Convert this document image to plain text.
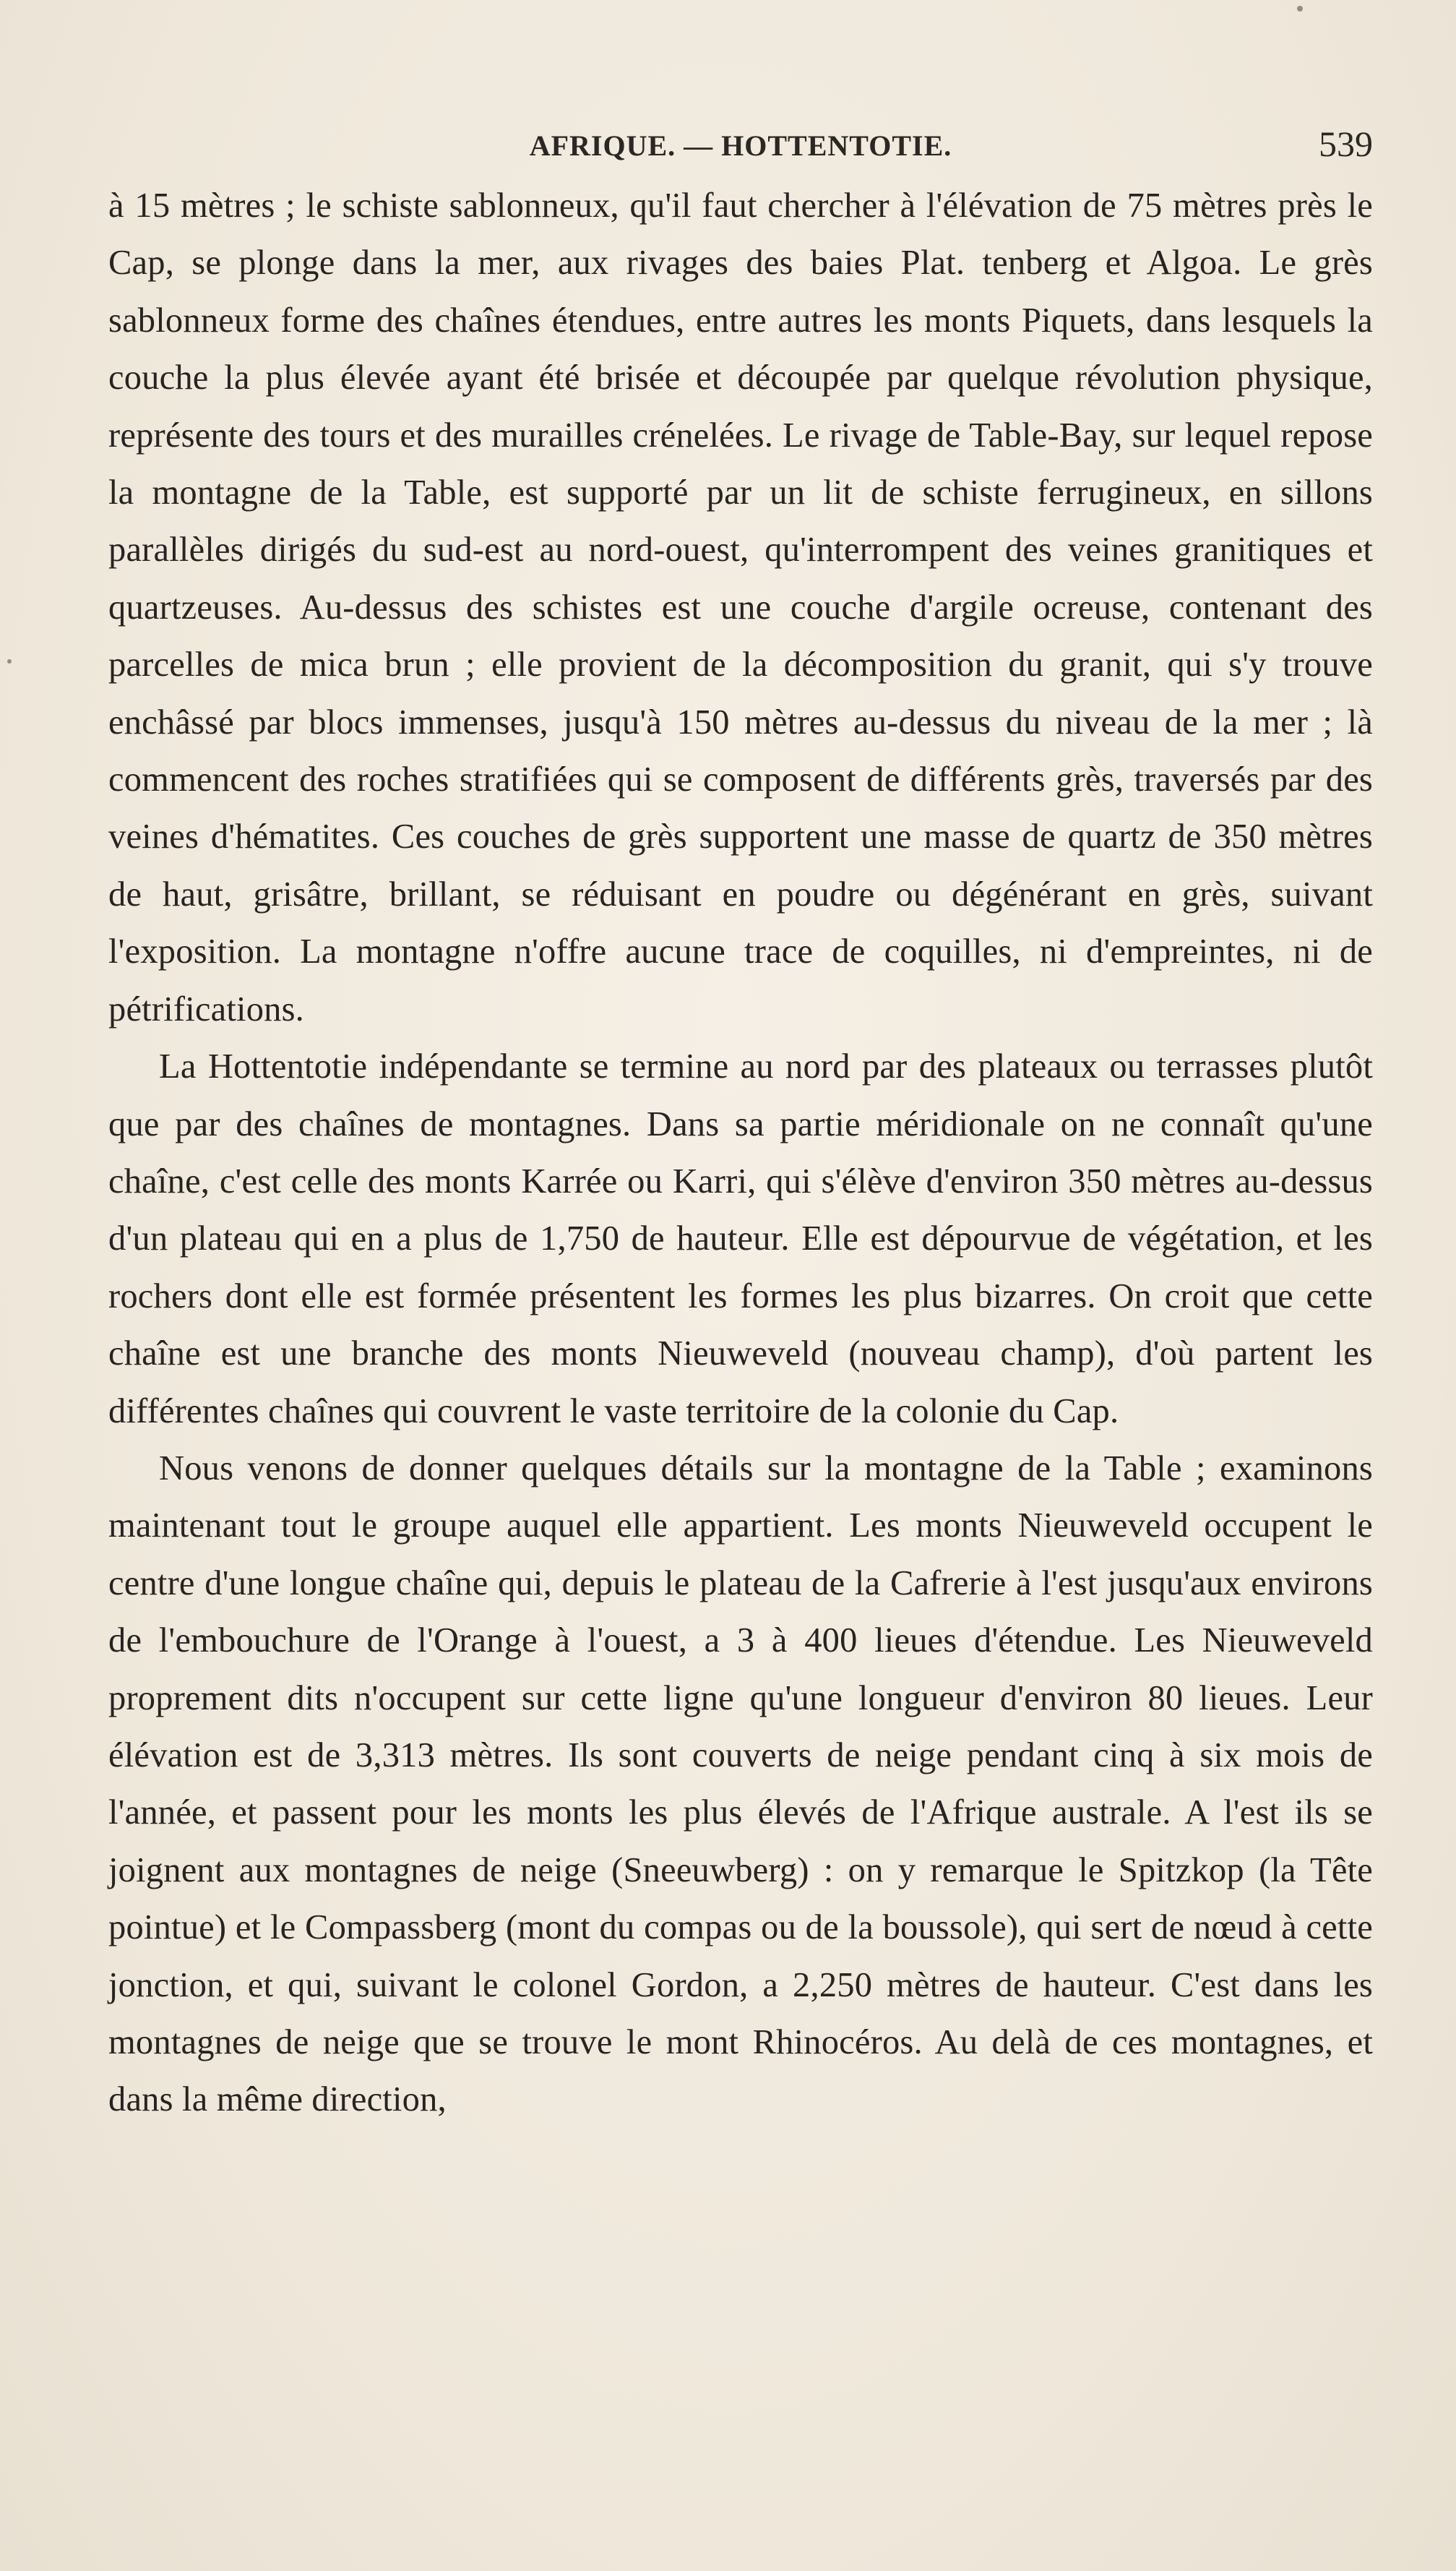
AFRIQUE. — HOTTENTOTIE.	539

à 15 mètres ; le schiste sablonneux, qu'il faut chercher à l'élévation de 75 mètres près le Cap, se plonge dans la mer, aux rivages des baies Plat. tenberg et Algoa. Le grès sablonneux forme des chaînes étendues, entre autres les monts Piquets, dans lesquels la couche la plus élevée ayant été brisée et découpée par quelque révolution physique, représente des tours et des murailles crénelées. Le rivage de Table-Bay, sur lequel repose la montagne de la Table, est supporté par un lit de schiste ferrugineux, en sillons parallèles dirigés du sud-est au nord-ouest, qu'interrompent des veines granitiques et quartzeuses. Au-dessus des schistes est une couche d'argile ocreuse, contenant des parcelles de mica brun ; elle provient de la décomposition du granit, qui s'y trouve enchâssé par blocs immenses, jusqu'à 150 mètres au-dessus du niveau de la mer ; là commencent des roches stratifiées qui se composent de différents grès, traversés par des veines d'hématites. Ces couches de grès supportent une masse de quartz de 350 mètres de haut, grisâtre, brillant, se réduisant en poudre ou dégénérant en grès, suivant l'exposition. La montagne n'offre aucune trace de coquilles, ni d'empreintes, ni de pétrifications.

La Hottentotie indépendante se termine au nord par des plateaux ou terrasses plutôt que par des chaînes de montagnes. Dans sa partie méridionale on ne connaît qu'une chaîne, c'est celle des monts Karrée ou Karri, qui s'élève d'environ 350 mètres au-dessus d'un plateau qui en a plus de 1,750 de hauteur. Elle est dépourvue de végétation, et les rochers dont elle est formée présentent les formes les plus bizarres. On croit que cette chaîne est une branche des monts Nieuweveld (nouveau champ), d'où partent les différentes chaînes qui couvrent le vaste territoire de la colonie du Cap.

Nous venons de donner quelques détails sur la montagne de la Table ; examinons maintenant tout le groupe auquel elle appartient. Les monts Nieuweveld occupent le centre d'une longue chaîne qui, depuis le plateau de la Cafrerie à l'est jusqu'aux environs de l'embouchure de l'Orange à l'ouest, a 3 à 400 lieues d'étendue. Les Nieuweveld proprement dits n'occupent sur cette ligne qu'une longueur d'environ 80 lieues. Leur élévation est de 3,313 mètres. Ils sont couverts de neige pendant cinq à six mois de l'année, et passent pour les monts les plus élevés de l'Afrique australe. A l'est ils se joignent aux montagnes de neige (Sneeuwberg) : on y remarque le Spitzkop (la Tête pointue) et le Compassberg (mont du compas ou de la boussole), qui sert de nœud à cette jonction, et qui, suivant le colonel Gordon, a 2,250 mètres de hauteur. C'est dans les montagnes de neige que se trouve le mont Rhinocéros. Au delà de ces montagnes, et dans la même direction,
